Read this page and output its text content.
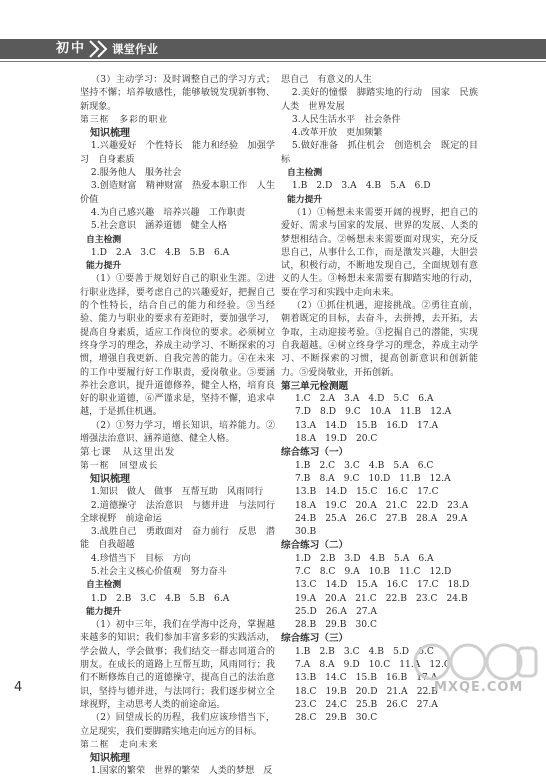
初中 课堂作业

（3）主动学习：及时调整自己的学习方式；坚持不懈；培养敏感性，能够敏锐发现新事物、新现象。

第三框　多彩的职业

知识梳理

1.兴趣爱好　个性特长　能力和经验　加强学习　自身素质

2.服务他人　服务社会

3.创造财富　精神财富　热爱本职工作　人生价值

4.为自己感兴趣　培养兴趣　工作职责

5.社会意识　涵养道德　健全人格

自主检测

1.D　2.A　3.C　4.B　5.B　6.A

能力提升

（1）①要善于规划好自己的职业生涯。②进行职业选择，要考虑自己的兴趣爱好，把握自己的个性特长，结合自己的能力和经验。③当经验、能力与职业的要求有差距时，要加强学习，提高自身素质，适应工作岗位的要求。必须树立终身学习的理念，养成主动学习、不断探索的习惯，增强自我更新、自我完善的能力。④在未来的工作中要履行好工作职责，爱岗敬业。⑤要涵养社会意识，提升道德修养，健全人格，培育良好的职业道德，⑥严谨求是，坚持不懈，追求卓越，于是抓住机遇。

（2）①努力学习，增长知识，培养能力。②增强法治意识、涵养道德、健全人格。

第七课　从这里出发

第一框　回望成长

知识梳理

1.知识　做人　做事　互帮互助　风雨同行

2.道德操守　法治意识　与德并进　与法同行　全球视野　前途命运

3.战胜自己　勇敢面对　奋力前行　反思　潜能　自我超越

4.珍惜当下　目标　方向

5.社会主义核心价值观　努力奋斗

自主检测

1.D　2.B　3.C　4.B　5.B　6.A

能力提升

（1）初中三年，我们在学海中泛舟，掌握越来越多的知识；我们参加丰富多彩的实践活动，学会做人，学会做事；我们结交一群志同道合的朋友。在成长的道路上互帮互助，风雨同行；我们不断修炼自己的道德操守，提高自己的法治意识，坚持与德并进，与法同行；我们逐步树立全球视野，主动思考人类的前途命运。

（2）回望成长的历程，我们应该珍惜当下，立足现实，我们要脚踏实地走向远方的目标。

第二框　走向未来

知识梳理

1.国家的繁荣　世界的繁荣　人类的梦想　反

思自己　有意义的人生

2.美好的憧憬　脚踏实地的行动　国家　民族　人类　世界发展

3.人民生活水平　社会条件

4.改革开放　更加频繁

5.做好准备　抓住机会　创造机会　既定的目标

自主检测

1.B　2.D　3.A　4.B　5.A　6.D

能力提升

（1）①畅想未来需要开阔的视野，把自己的爱好、需求与国家的发展、世界的发展、人类的梦想相结合。②畅想未来需要面对现实，充分反思自己，从事什么工作，而是激发兴趣，大胆尝试，积极行动，不断地发现自己，全面规划有意义的人生。③畅想未来需要有脚踏实地的行动，要在学习和实践中走向未来。

（2）①抓住机遇，迎接挑战。②勇往直前，朝着既定的目标，去奋斗，去拼搏，去开拓，去争取，主动迎接考验。③挖掘自己的潜能，实现自我超越。④树立终身学习的理念，养成主动学习、不断探索的习惯，提高创新意识和创新能力。⑤爱岗敬业，开拓创新。

第三单元检测题

1.C　2.A　3.A　4.D　5.C　6.A

7.D　8.D　9.C　10.A　11.B　12.A

13.A　14.D　15.B　16.D　17.A

18.A　19.D　20.C

综合练习（一）

1.B　2.C　3.C　4.B　5.A　6.C

7.B　8.A　9.C　10.D　11.B　12.A

13.B　14.D　15.C　16.C　17.C

18.A　19.C　20.A　21.C　22.D　23.A

24.B　25.A　26.C　27.B　28.A　29.A

30.B

综合练习（二）

1.D　2.B　3.D　4.B　5.A　6.A

7.C　8.C　9.A　10.B　11.C　12.D

13.C　14.D　15.A　16.C　17.C　18.D

19.A　20.A　21.C　22.B　23.C　24.B

25.D　26.A　27.A

28.B　29.B　30.C

综合练习（三）

1.B　2.B　3.C　4.B　5.D　6.C

7.A　8.A　9.D　10.C　11.A　12.C

13.B　14.C　15.B　16.B　17.A

18.C　19.B　20.D　21.A　22.B

23.C　24.C　25.B　26.C　27.A

28.C　29.B　30.C

MXQE.COM
4
